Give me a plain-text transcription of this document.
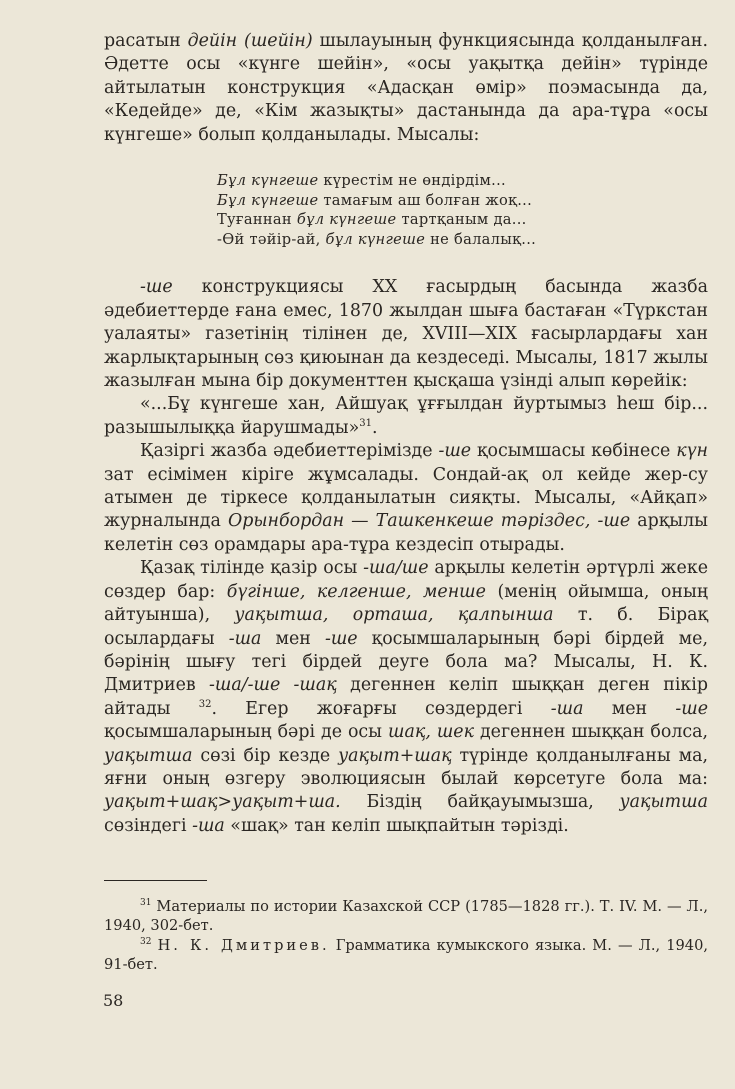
расатын дейін (шейін) шылауының функциясында қолданылған. Әдетте осы «күнге шейін», «осы уақытқа дейін» түрінде айтылатын конструкция «Адасқан өмір» поэмасында да, «Кедейде» де, «Кім жазықты» дастанында да ара-тұра «осы күнгеше» болып қолданылады. Мысалы:

Бұл күнгеше күрестім не өндірдім...
Бұл күнгеше тамағым аш болған жоқ...
Туғаннан бұл күнгеше тартқаным да...
-Өй тәйір-ай, бұл күнгеше не балалық...

-ше конструкциясы XX ғасырдың басында жазба әдебиеттерде ғана емес, 1870 жылдан шыға бастаған «Түркстан уалаяты» газетінің тілінен де, XVIII—XIX ғасырлардағы хан жарлықтарының сөз қиюынан да кездеседі. Мысалы, 1817 жылы жазылған мына бір документтен қысқаша үзінді алып көрейік:

«...Бұ күнгеше хан, Айшуақ ұғғылдан йуртымыз һеш бір... разышылыққа йарушмады»$^{31}$.

Қазіргі жазба әдебиеттерімізде -ше қосымшасы көбінесе күн зат есімімен кіріге жұмсалады. Сондай-ақ ол кейде жер-су атымен де тіркесе қолданылатын сияқты. Мысалы, «Айқап» журналында Орынбордан — Ташкенкеше тәріздес, -ше арқылы келетін сөз орамдары ара-тұра кездесіп отырады.

Қазақ тілінде қазір осы -ша/ше арқылы келетін әртүрлі жеке сөздер бар: бүгінше, келгенше, менше (менің ойымша, оның айтуынша), уақытша, орташа, қалпынша т. б. Бірақ осылардағы -ша мен -ше қосымшаларының бәрі бірдей ме, бәрінің шығу тегі бірдей деуге бола ма? Мысалы, Н. К. Дмитриев -ша/-ше -шақ дегеннен келіп шыққан деген пікір айтады $^{32}$. Егер жоғарғы сөздердегі -ша мен -ше қосымшаларының бәрі де осы шақ, шек дегеннен шыққан болса, уақытша сөзі бір кезде уақыт+шақ түрінде қолданылғаны ма, яғни оның өзгеру эволюциясын былай көрсетуге бола ма: уақыт+шақ>уақыт+ша. Біздің байқауымызша, уақытша сөзіндегі -ша «шақ» тан келіп шықпайтын тәрізді.

$^{31}$ Материалы по истории Казахской ССР (1785—1828 гг.). Т. IV. М. — Л., 1940, 302-бет.

$^{32}$ Н. К. Дмитриев. Грамматика кумыкского языка. М. — Л., 1940, 91-бет.

58
